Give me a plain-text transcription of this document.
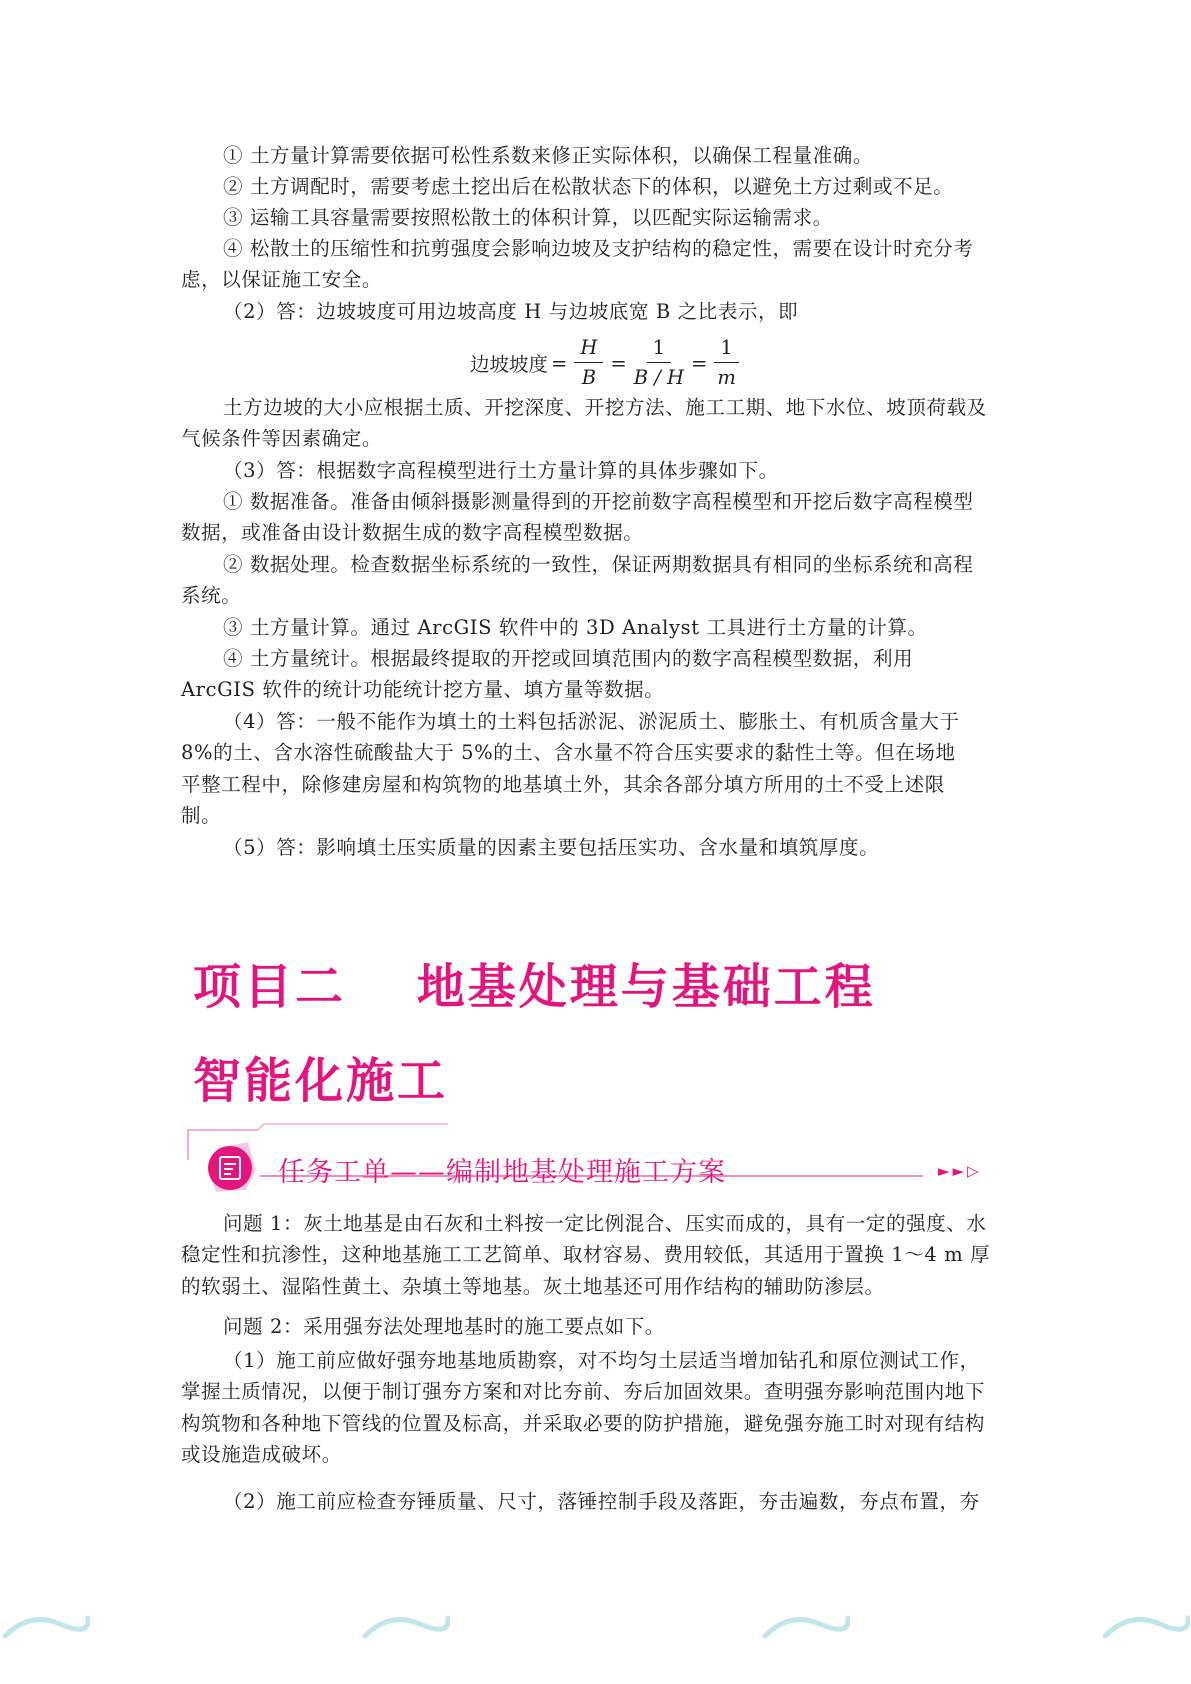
① 土方量计算需要依据可松性系数来修正实际体积，以确保工程量准确。

② 土方调配时，需要考虑土挖出后在松散状态下的体积，以避免土方过剩或不足。

③ 运输工具容量需要按照松散土的体积计算，以匹配实际运输需求。

④ 松散土的压缩性和抗剪强度会影响边坡及支护结构的稳定性，需要在设计时充分考
虑，以保证施工安全。

（2）答：边坡坡度可用边坡高度 H 与边坡底宽 B 之比表示，即

边坡坡度 = $\frac{H}{B} = \frac{1}{B / H} = \frac{1}{m}$

土方边坡的大小应根据土质、开挖深度、开挖方法、施工工期、地下水位、坡顶荷载及
气候条件等因素确定。

（3）答：根据数字高程模型进行土方量计算的具体步骤如下。

① 数据准备。准备由倾斜摄影测量得到的开挖前数字高程模型和开挖后数字高程模型
数据，或准备由设计数据生成的数字高程模型数据。

② 数据处理。检查数据坐标系统的一致性，保证两期数据具有相同的坐标系统和高程
系统。

③ 土方量计算。通过 ArcGIS 软件中的 3D Analyst 工具进行土方量的计算。

④ 土方量统计。根据最终提取的开挖或回填范围内的数字高程模型数据，利用
ArcGIS 软件的统计功能统计挖方量、填方量等数据。

（4）答：一般不能作为填土的土料包括淤泥、淤泥质土、膨胀土、有机质含量大于
8%的土、含水溶性硫酸盐大于 5%的土、含水量不符合压实要求的黏性土等。但在场地
平整工程中，除修建房屋和构筑物的地基填土外，其余各部分填方所用的土不受上述限
制。

（5）答：影响填土压实质量的因素主要包括压实功、含水量和填筑厚度。

项目二　 地基处理与基础工程
智能化施工
任务工单——编制地基处理施工方案	►►▷

问题 1：灰土地基是由石灰和土料按一定比例混合、压实而成的，具有一定的强度、水
稳定性和抗渗性，这种地基施工工艺简单、取材容易、费用较低，其适用于置换 1～4 m 厚
的软弱土、湿陷性黄土、杂填土等地基。灰土地基还可用作结构的辅助防渗层。

问题 2：采用强夯法处理地基时的施工要点如下。

（1）施工前应做好强夯地基地质勘察，对不均匀土层适当增加钻孔和原位测试工作，
掌握土质情况，以便于制订强夯方案和对比夯前、夯后加固效果。查明强夯影响范围内地下
构筑物和各种地下管线的位置及标高，并采取必要的防护措施，避免强夯施工时对现有结构
或设施造成破坏。

（2）施工前应检查夯锤质量、尺寸，落锤控制手段及落距，夯击遍数，夯点布置，夯
